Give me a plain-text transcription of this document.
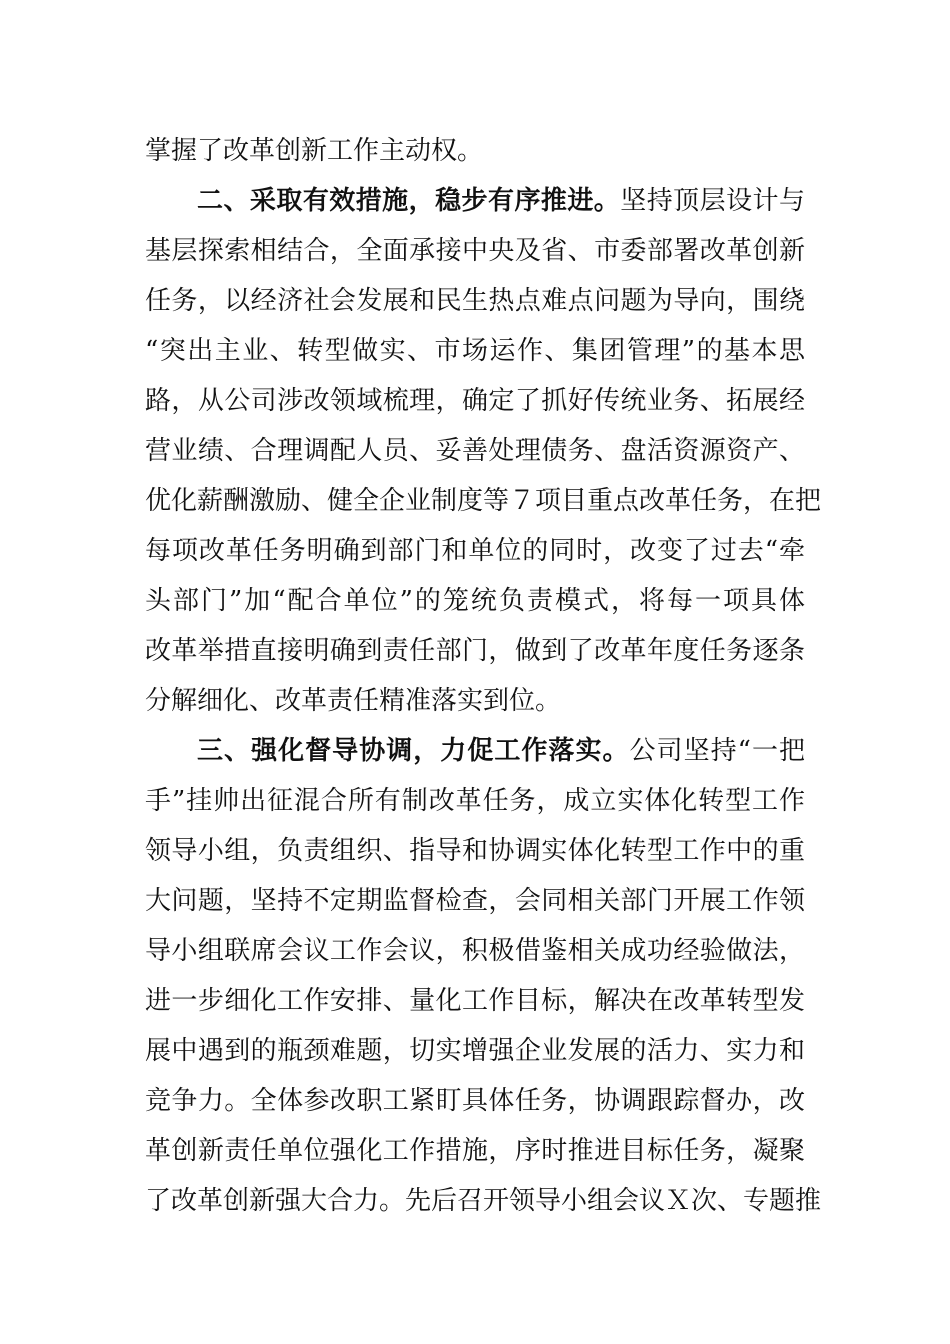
掌握了改革创新工作主动权。
二、采取有效措施，稳步有序推进。坚持顶层设计与
基层探索相结合，全面承接中央及省、市委部署改革创新
任务，以经济社会发展和民生热点难点问题为导向，围绕
“突出主业、转型做实、市场运作、集团管理”的基本思
路，从公司涉改领域梳理，确定了抓好传统业务、拓展经
营业绩、合理调配人员、妥善处理债务、盘活资源资产、
优化薪酬激励、健全企业制度等７项目重点改革任务，在把
每项改革任务明确到部门和单位的同时，改变了过去“牵
头部门”加“配合单位”的笼统负责模式，将每一项具体
改革举措直接明确到责任部门，做到了改革年度任务逐条
分解细化、改革责任精准落实到位。
三、强化督导协调，力促工作落实。公司坚持“一把
手”挂帅出征混合所有制改革任务，成立实体化转型工作
领导小组，负责组织、指导和协调实体化转型工作中的重
大问题，坚持不定期监督检查，会同相关部门开展工作领
导小组联席会议工作会议，积极借鉴相关成功经验做法，
进一步细化工作安排、量化工作目标，解决在改革转型发
展中遇到的瓶颈难题，切实增强企业发展的活力、实力和
竞争力。全体参改职工紧盯具体任务，协调跟踪督办，改
革创新责任单位强化工作措施，序时推进目标任务，凝聚
了改革创新强大合力。先后召开领导小组会议Ｘ次、专题推
